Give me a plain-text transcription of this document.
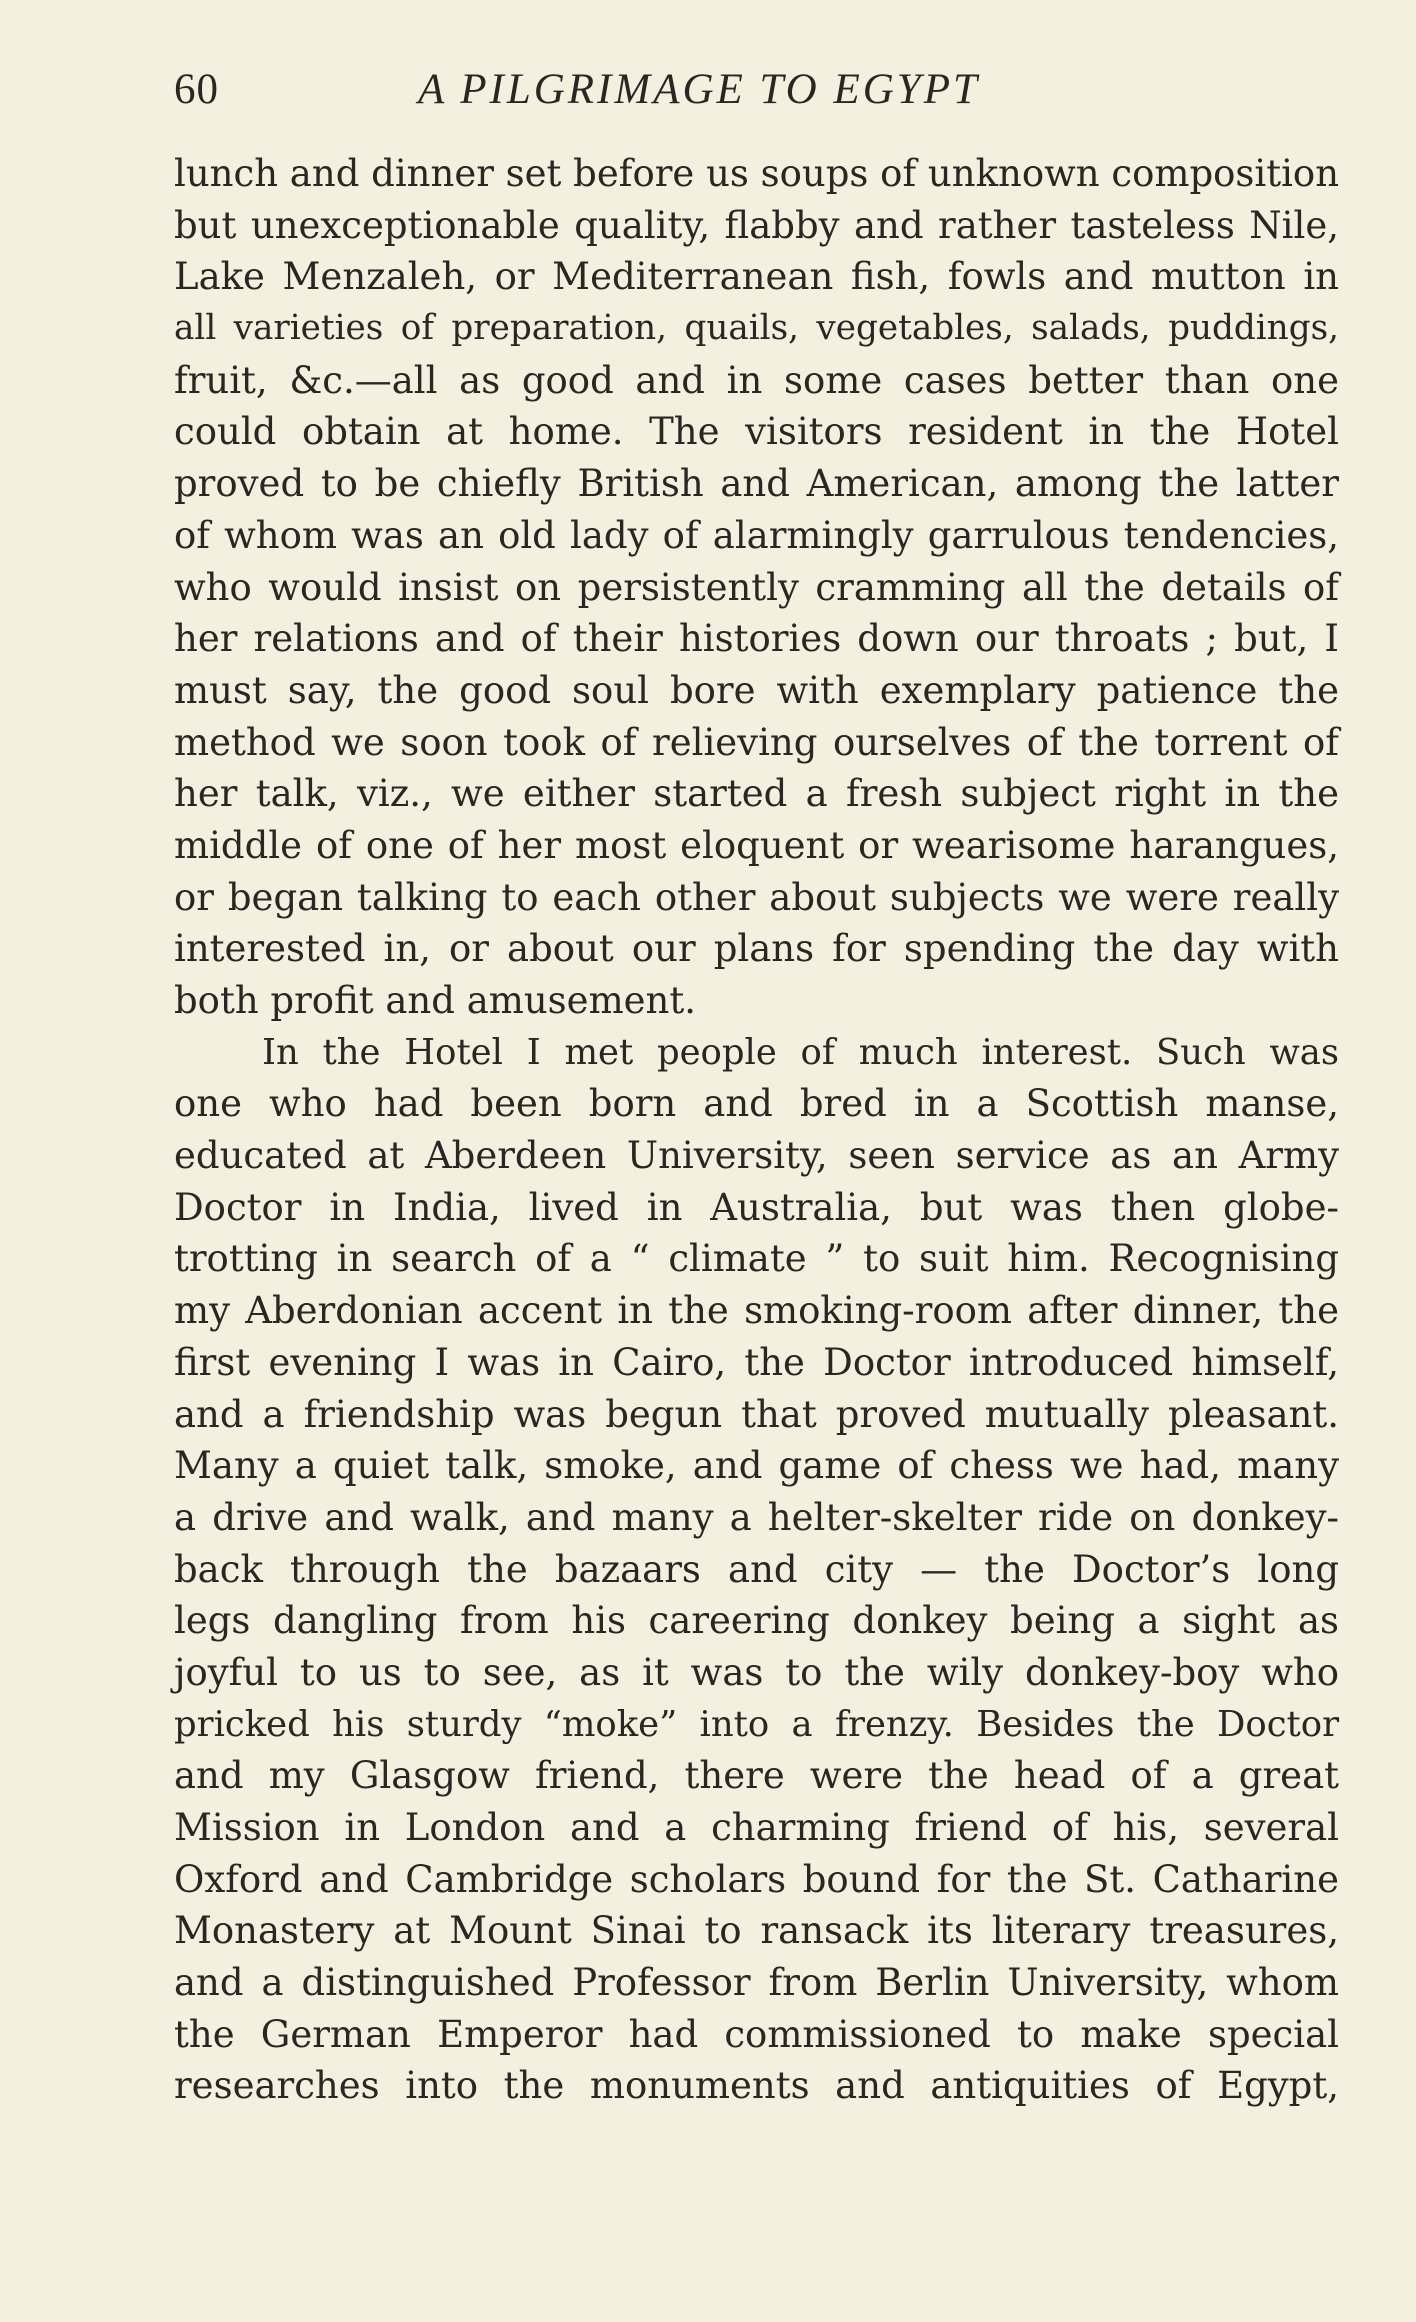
60	A PILGRIMAGE TO EGYPT
lunch and dinner set before us soups of unknown composition
but unexceptionable quality, flabby and rather tasteless Nile,
Lake Menzaleh, or Mediterranean fish, fowls and mutton in
all varieties of preparation, quails, vegetables, salads, puddings,
fruit, &c.—all as good and in some cases better than one
could obtain at home. The visitors resident in the Hotel
proved to be chiefly British and American, among the latter
of whom was an old lady of alarmingly garrulous tendencies,
who would insist on persistently cramming all the details of
her relations and of their histories down our throats ; but, I
must say, the good soul bore with exemplary patience the
method we soon took of relieving ourselves of the torrent of
her talk, viz., we either started a fresh subject right in the
middle of one of her most eloquent or wearisome harangues,
or began talking to each other about subjects we were really
interested in, or about our plans for spending the day with
both profit and amusement.
In the Hotel I met people of much interest. Such was
one who had been born and bred in a Scottish manse,
educated at Aberdeen University, seen service as an Army
Doctor in India, lived in Australia, but was then globe-
trotting in search of a “ climate ” to suit him. Recognising
my Aberdonian accent in the smoking-room after dinner, the
first evening I was in Cairo, the Doctor introduced himself,
and a friendship was begun that proved mutually pleasant.
Many a quiet talk, smoke, and game of chess we had, many
a drive and walk, and many a helter-skelter ride on donkey-
back through the bazaars and city — the Doctor’s long
legs dangling from his careering donkey being a sight as
joyful to us to see, as it was to the wily donkey-boy who
pricked his sturdy “moke” into a frenzy. Besides the Doctor
and my Glasgow friend, there were the head of a great
Mission in London and a charming friend of his, several
Oxford and Cambridge scholars bound for the St. Catharine
Monastery at Mount Sinai to ransack its literary treasures,
and a distinguished Professor from Berlin University, whom
the German Emperor had commissioned to make special
researches into the monuments and antiquities of Egypt,
